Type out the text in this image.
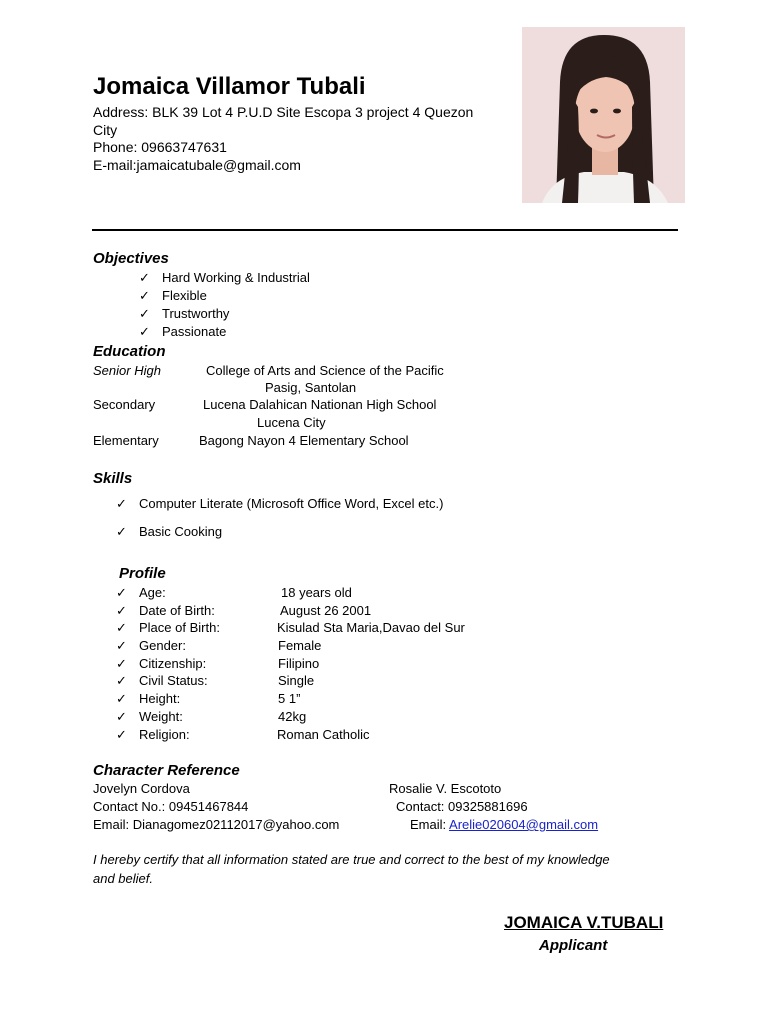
Jomaica Villamor Tubali
Address: BLK 39 Lot 4 P.U.D Site Escopa 3 project 4 Quezon
City
Phone: 09663747631
E-mail:jamaicatubale@gmail.com
Objectives
✓ Hard Working & Industrial
✓ Flexible
✓ Trustworthy
✓ Passionate
Education
Senior High	College of Arts and Science of the Pacific
Pasig, Santolan
Secondary	Lucena Dalahican Nationan High School
Lucena City
Elementary	Bagong Nayon 4 Elementary School
Skills
✓ Computer Literate (Microsoft Office Word, Excel etc.)
✓ Basic Cooking
Profile
✓ Age:	18 years old
✓ Date of Birth:	August 26 2001
✓ Place of Birth:	Kisulad Sta Maria,Davao del Sur
✓ Gender:	Female
✓ Citizenship:	Filipino
✓ Civil Status:	Single
✓ Height:	5 1”
✓ Weight:	42kg
✓ Religion:	Roman Catholic
Character Reference
Jovelyn Cordova
Contact No.: 09451467844
Email: Dianagomez02112017@yahoo.com
Rosalie V. Escototo
Contact: 09325881696
Email: Arelie020604@gmail.com
I hereby certify that all information stated are true and correct to the best of my knowledge
and belief.
JOMAICA V.TUBALI
Applicant
